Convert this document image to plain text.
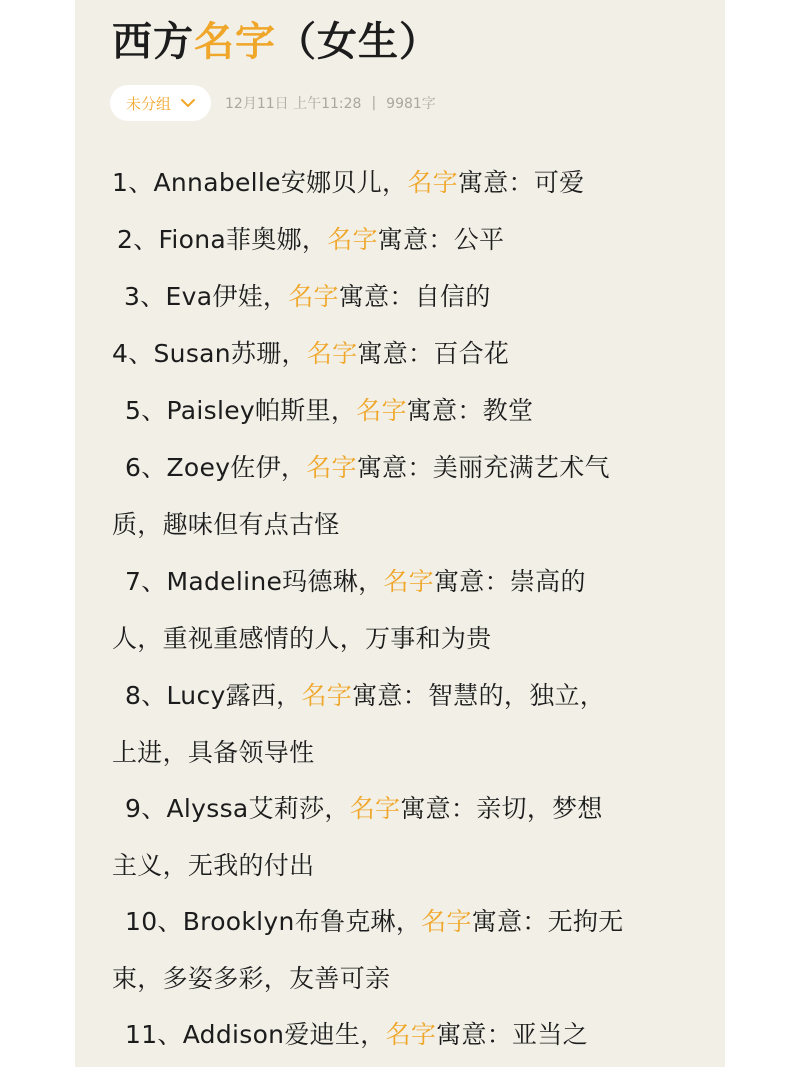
西方名字（女生）
未分组	12月11日 上午11:28 | 9981字
1、Annabelle安娜贝儿，名字寓意：可爱
2、Fiona菲奥娜，名字寓意：公平
3、Eva伊娃，名字寓意：自信的
4、Susan苏珊，名字寓意：百合花
5、Paisley帕斯里，名字寓意：教堂
6、Zoey佐伊，名字寓意：美丽充满艺术气
质，趣味但有点古怪
7、Madeline玛德琳，名字寓意：崇高的
人，重视重感情的人，万事和为贵
8、Lucy露西，名字寓意：智慧的，独立，
上进，具备领导性
9、Alyssa艾莉莎，名字寓意：亲切，梦想
主义，无我的付出
10、Brooklyn布鲁克琳，名字寓意：无拘无
束，多姿多彩，友善可亲
11、Addison爱迪生，名字寓意：亚当之
